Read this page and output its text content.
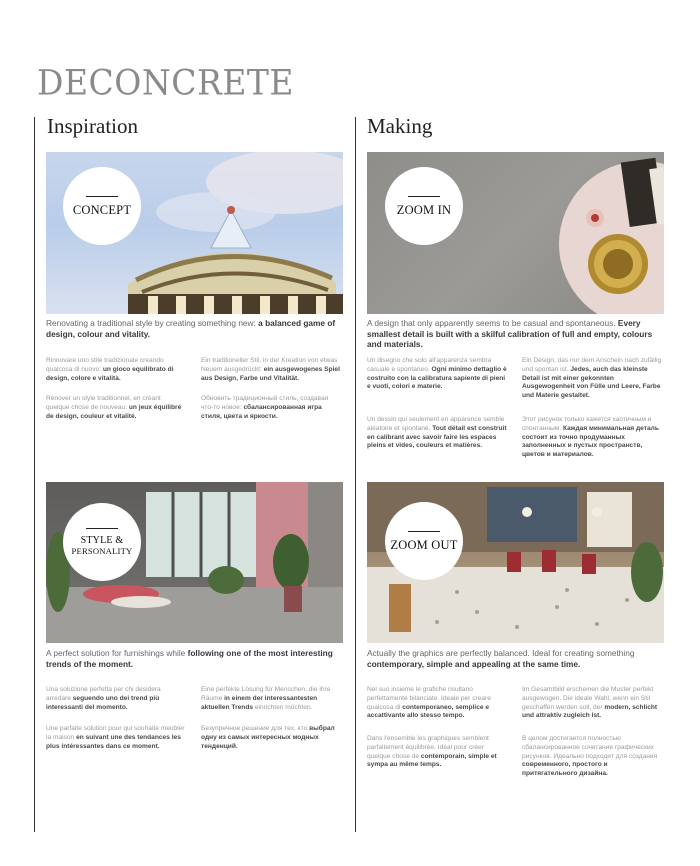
DECONCRETE
Inspiration	Making
CONCEPT	ZOOM IN
STYLE &
PERSONALITY	ZOOM OUT
Renovating a traditional style by creating something new: a balanced game of design, colour and vitality.
Rinnovare uno stile tradizionale creando qualcosa di nuovo: un gioco equilibrato di design, colore e vitalità.
Ein traditioneller Stil, in der Kreation von etwas Neuem ausgedrückt: ein ausgewogenes Spiel aus Design, Farbe und Vitalität.
Rénover un style traditionnel, en créant quelque chose de nouveau: un jeux équilibré de design, couleur et vitalité.
Обновить традиционный стиль, создавая что-то новое: сбалансированная игра стиля, цвета и яркости.
A design that only apparently seems to be casual and spontaneous. Every smallest detail is built with a skilful calibration of full and empty, colours and materials.
Un disegno che solo all'apparenza sembra casuale e spontaneo. Ogni minimo dettaglio è costruito con la calibratura sapiente di pieni e vuoti, colori e materie.
Ein Design, das nur dem Anschein nach zufällig und spontan ist. Jedes, auch das kleinste Detail ist mit einer gekonnten Ausgewogenheit von Fülle und Leere, Farbe und Materie gestaltet.
Un dessin qui seulement en apparence semble aléatoire et spontané. Tout détail est construit en calibrant avec savoir faire les espaces pleins et vides, couleurs et matières.
Этот рисунок только кажется хаотичным и спонтанным. Каждая минимальная деталь состоит из точно продуманных заполненных и пустых пространств, цветов и материалов.
A perfect solution for furnishings while following one of the most interesting trends of the moment.
Una soluzione perfetta per chi desidera arredare seguendo uno dei trend più interessanti del momento.
Eine perfekte Lösung für Menschen, die ihre Räume in einem der interessantesten aktuellen Trends einrichten möchten.
Une parfaite solution pour qui souhaite meubler la maison en suivant une des tendances les plus intéressantes dans ce moment.
Безупречное решение для тех, кто выбрал одну из самых интересных модных тенденций.
Actually the graphics are perfectly balanced. Ideal for creating something contemporary, simple and appealing at the same time.
Nel suo insieme le grafiche risultano perfettamente bilanciate. Ideale per creare qualcosa di contemporaneo, semplice e accattivante allo stesso tempo.
Im Gesamtbild erscheinen die Muster perfekt ausgewogen. Die ideale Wahl, wenn ein Stil geschaffen werden soll, der modern, schlicht und attraktiv zugleich ist.
Dans l'ensemble les graphiques semblent parfaitement équilibrée. Idéal pour créer quelque chose de contemporain, simple et sympa au même temps.
В целом достигается полностью сбалансированное сочетание графических рисунков. Идеально подходит для создания современного, простого и притягательного дизайна.
